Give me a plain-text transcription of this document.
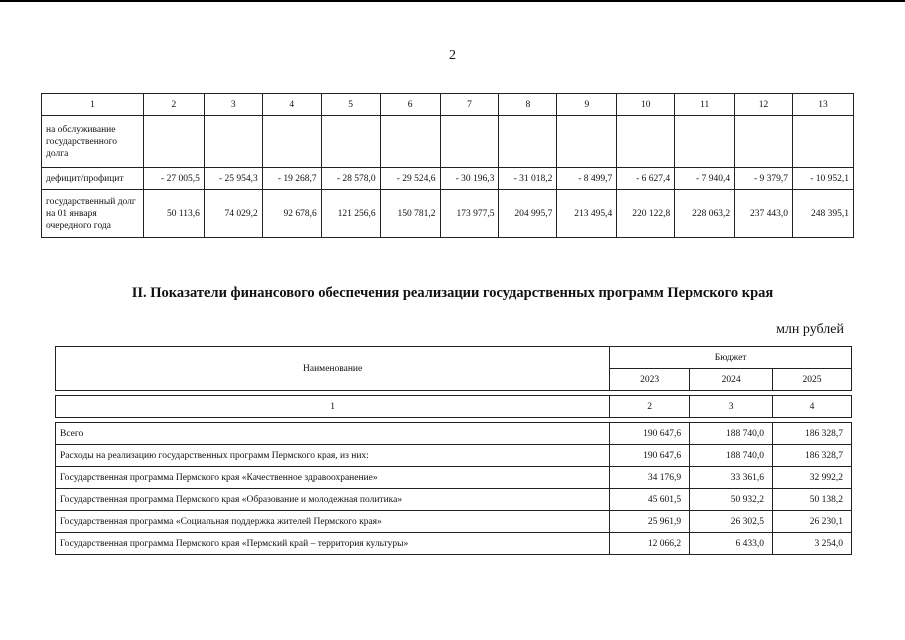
2
1	2	3	4	5	6	7	8	9	10	11	12	13
на обслуживание государственного долга												
дефицит/профицит	- 27 005,5	- 25 954,3	- 19 268,7	- 28 578,0	- 29 524,6	- 30 196,3	- 31 018,2	- 8 499,7	- 6 627,4	- 7 940,4	- 9 379,7	- 10 952,1
государственный долг на 01 января очередного года	50 113,6	74 029,2	92 678,6	121 256,6	150 781,2	173 977,5	204 995,7	213 495,4	220 122,8	228 063,2	237 443,0	248 395,1
II. Показатели финансового обеспечения реализации государственных программ Пермского края
млн рублей
Наименование	Бюджет		
	2023	2024	2025

1	2	3	4

Всего	190 647,6	188 740,0	186 328,7
Расходы на реализацию государственных программ Пермского края, из них:	190 647,6	188 740,0	186 328,7
Государственная программа Пермского края «Качественное здравоохранение»	34 176,9	33 361,6	32 992,2
Государственная программа Пермского края «Образование и молодежная политика»	45 601,5	50 932,2	50 138,2
Государственная программа «Социальная поддержка жителей Пермского края»	25 961,9	26 302,5	26 230,1
Государственная программа Пермского края «Пермский край – территория культуры»	12 066,2	6 433,0	3 254,0
